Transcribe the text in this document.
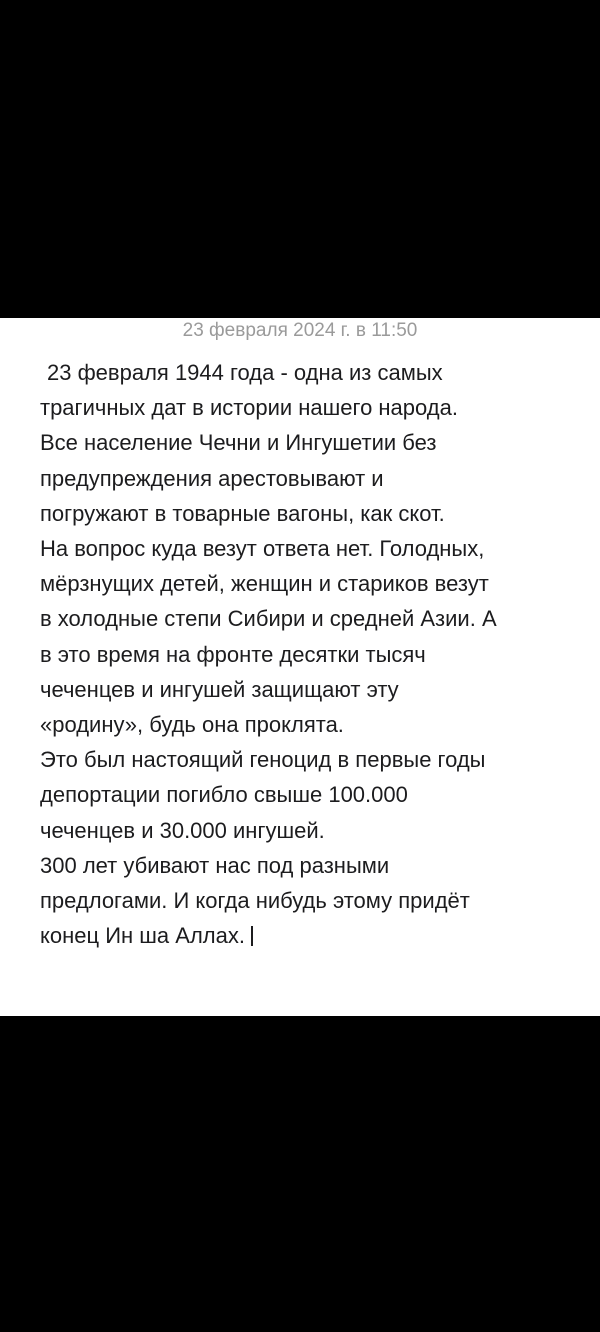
23 февраля 2024 г. в 11:50
23 февраля 1944 года - одна из самых
трагичных дат в истории нашего народа.
Все население Чечни и Ингушетии без
предупреждения арестовывают и
погружают в товарные вагоны, как скот.
На вопрос куда везут ответа нет. Голодных,
мёрзнущих детей, женщин и стариков везут
в холодные степи Сибири и средней Азии. А
в это время на фронте десятки тысяч
чеченцев и ингушей защищают эту
«родину», будь она проклята.
Это был настоящий геноцид в первые годы
депортации погибло свыше 100.000
чеченцев и 30.000 ингушей.
300 лет убивают нас под разными
предлогами. И когда нибудь этому придёт
конец Ин ша Аллах.
